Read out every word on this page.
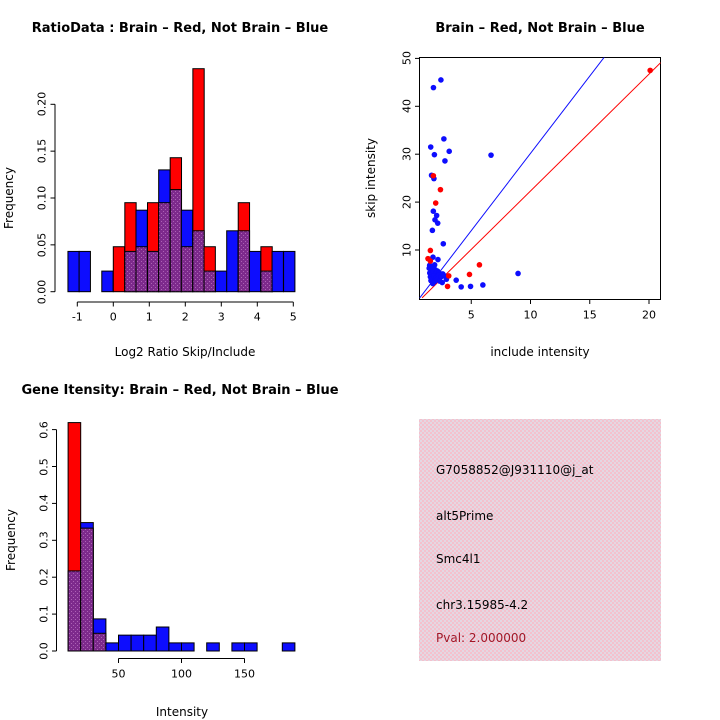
RatioData : Brain – Red, Not Brain – Blue	Brain – Red, Not Brain – Blue
Gene Itensity: Brain – Red, Not Brain – Blue
Log2 Ratio Skip/Include	include intensity
Intensity
Frequency	skip intensity
Frequency
0.00
0.05
0.10
0.15
0.20
-1 0	1	2	3	4	5
0.0
0.1
0.2
0.3
0.4
0.5
0.6
50	100	150
5	10	15	20
10
20
30
40
50
G7058852@J931110@j_at
alt5Prime
Smc4l1
chr3.15985-4.2
Pval: 2.000000
